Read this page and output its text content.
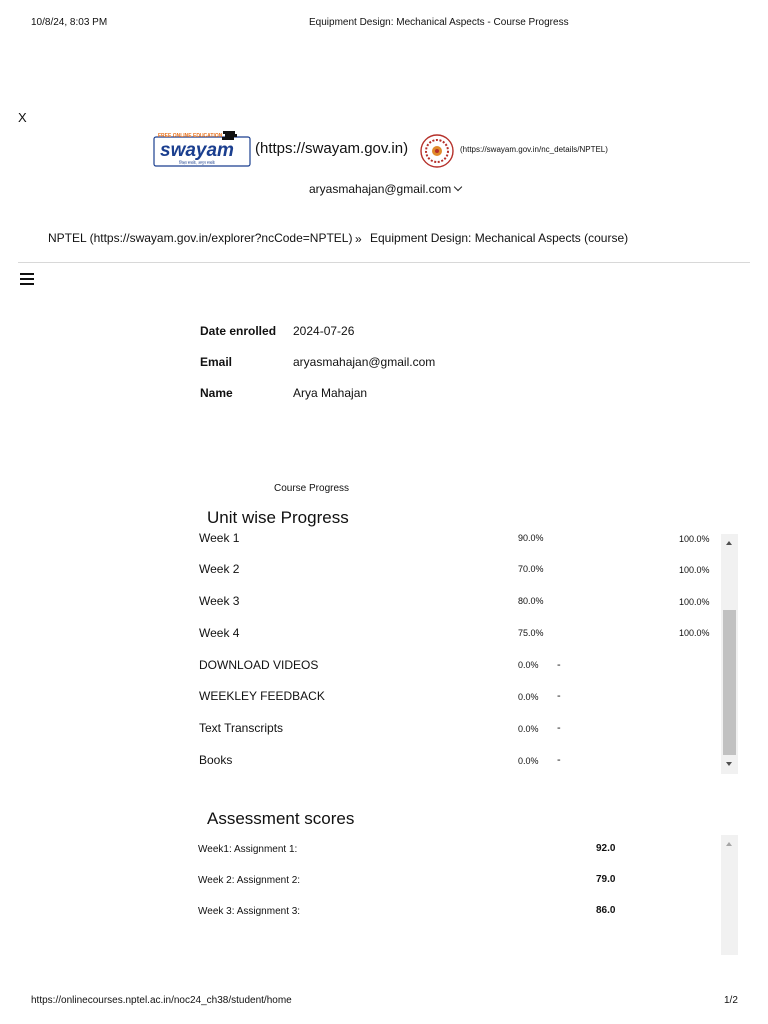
10/8/24, 8:03 PM	Equipment Design: Mechanical Aspects - Course Progress
X
FREE ONLINE EDUCATION
swayam
शिक्षा सबके, अमृत सबके
(https://swayam.gov.in)	(https://swayam.gov.in/nc_details/NPTEL)
aryasmahajan@gmail.com
NPTEL (https://swayam.gov.in/explorer?ncCode=NPTEL) » Equipment Design: Mechanical Aspects (course)
Date enrolled 2024-07-26
Email	aryasmahajan@gmail.com
Name	Arya Mahajan
Course Progress
Unit wise Progress
Week 1	90.0%	100.0%
Week 2	70.0%	100.0%
Week 3	80.0%	100.0%
Week 4	75.0%	100.0%
DOWNLOAD VIDEOS	0.0% -
WEEKLEY FEEDBACK	0.0% -
Text Transcripts	0.0% -
Books	0.0% -
Assessment scores
Week1: Assignment 1:	92.0
Week 2: Assignment 2:	79.0
Week 3: Assignment 3:	86.0
https://onlinecourses.nptel.ac.in/noc24_ch38/student/home	1/2
